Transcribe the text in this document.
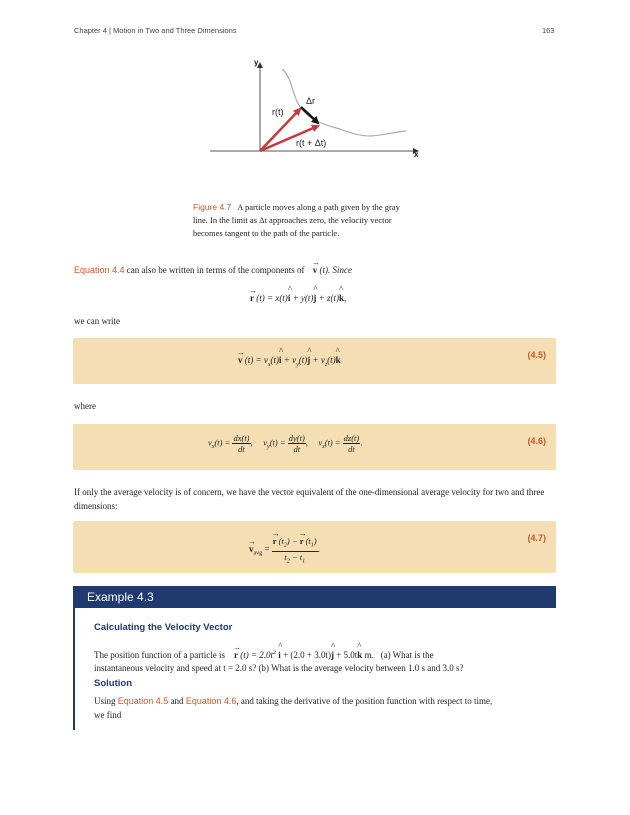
Chapter 4 | Motion in Two and Three Dimensions	163
y
x
r(t)
Δr
r(t + Δt)
Figure 4.7 A particle moves along a path given by the gray
line. In the limit as Δt approaches zero, the velocity vector
becomes tangent to the path of the particle.
Equation 4.4 can also be written in terms of the components of → v (t). Since
→ r (t) = x(t)^ i + y(t)^ j + z(t)^ k,
we can write
→ v $(t) = v_x(t)\^{}$ $i + v_y(t)\^{}$ $j + v_z(t)\^{}$ k	(4.5)
where
$v_x(t) = \frac{dx(t)}{dt}$ ,     $v_y(t) = \frac{dy(t)}{dt}$ ,     $v_z(t) = \frac{dz(t)}{dt}$ .	(4.6)
If only the average velocity is of concern, we have the vector equivalent of the one-dimensional average velocity for two and three dimensions:
→ $v_{avg}$ = → $\frac{r (t_2) - \to r (t_1)}{t_2 - t_1}$ .
(4.7)
Example 4.3
Calculating the Velocity Vector
The position function of a particle is → r $(t) = 2.0t^2$ ^ i + (2.0 + 3.0t)^ j + 5.0t^ k m. (a) What is the
instantaneous velocity and speed at t = 2.0 s? (b) What is the average velocity between 1.0 s and 3.0 s?
Solution
Using Equation 4.5 and Equation 4.6, and taking the derivative of the position function with respect to time,
we find
